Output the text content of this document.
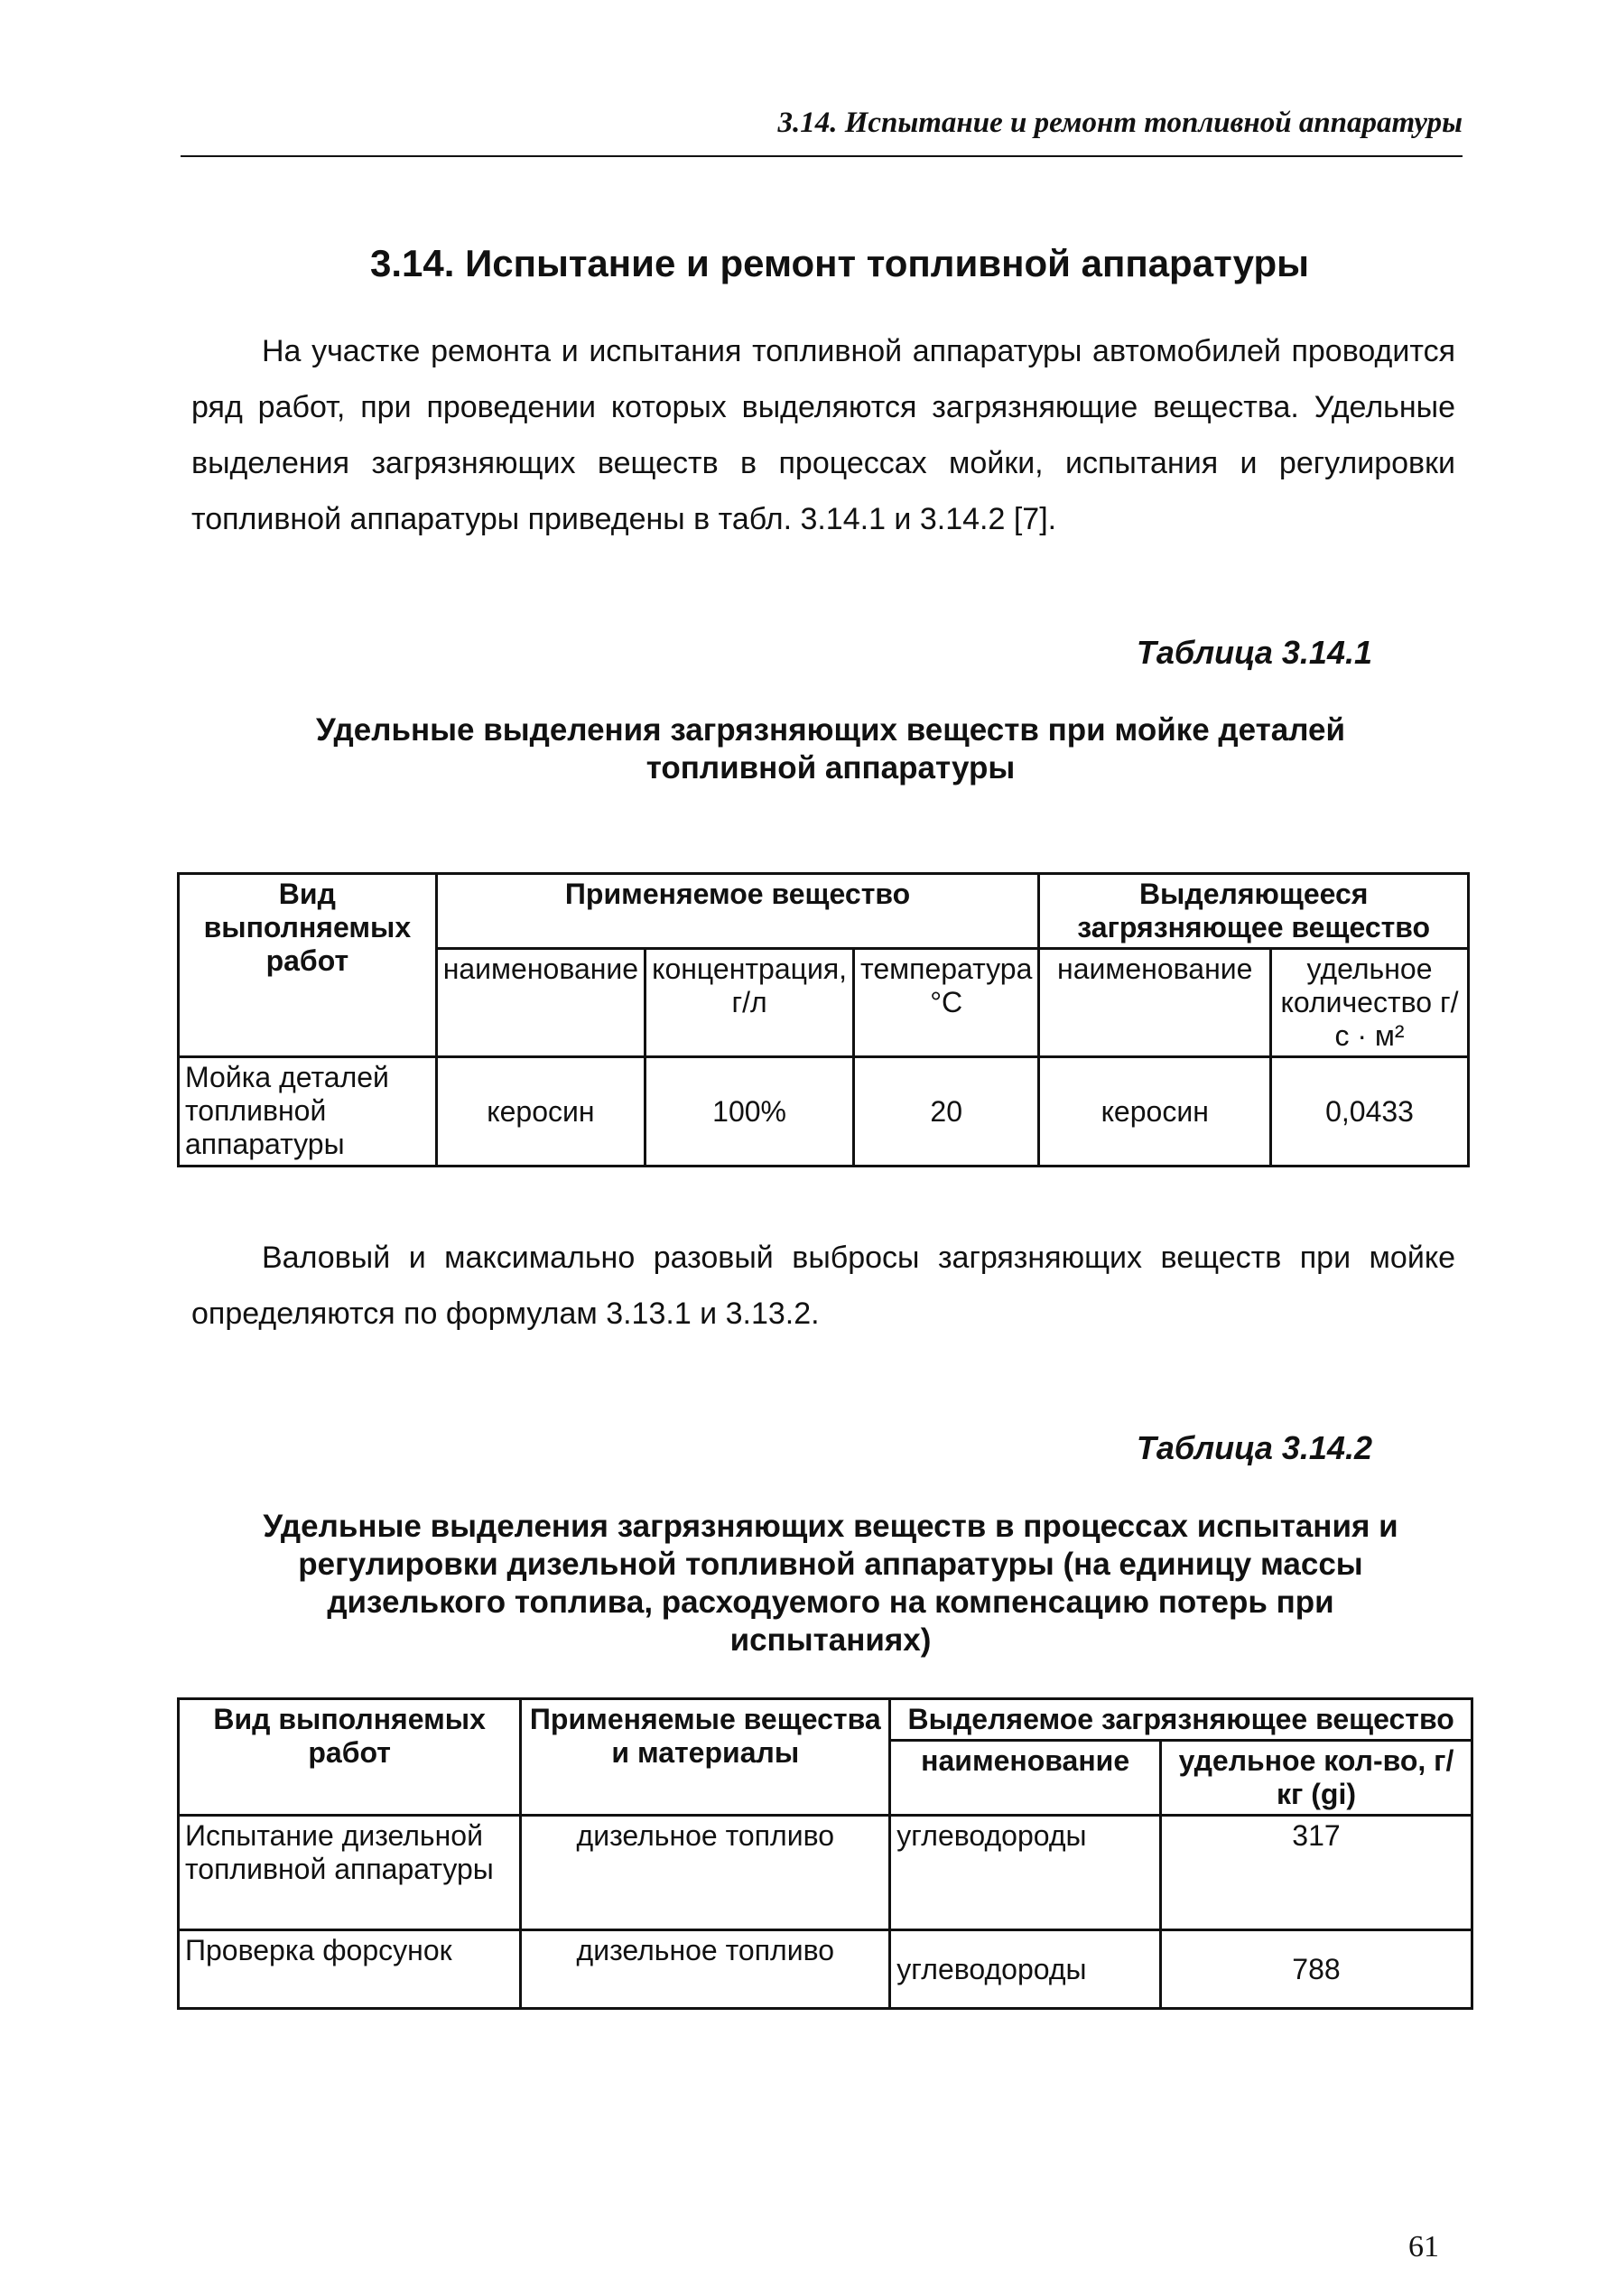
3.14. Испытание и ремонт топливной аппаратуры
3.14. Испытание и ремонт топливной аппаратуры
На участке ремонта и испытания топливной аппаратуры автомобилей проводится ряд работ, при проведении которых выделяются загрязняющие вещества. Удельные выделения загрязняющих веществ в процессах мойки, испытания и регулировки топливной аппаратуры приведены в табл. 3.14.1 и 3.14.2 [7].
Таблица 3.14.1
Удельные выделения загрязняющих веществ при мойке деталей топливной аппаратуры
Вид выполняемых работ	Применяемое вещество			Выделяющееся загрязняющее вещество	
	наименование	концентрация, г/л	температура °С	наименование	удельное количество г/с · м²
Мойка деталей топливной аппаратуры	керосин	100%	20	керосин	0,0433
Валовый и максимально разовый выбросы загрязняющих веществ при мойке определяются по формулам 3.13.1 и 3.13.2.
Таблица 3.14.2
Удельные выделения загрязняющих веществ в процессах испытания и регулировки дизельной топливной аппаратуры (на единицу массы дизелького топлива, расходуемого на компенсацию потерь при испытаниях)
Вид выполняемых работ	Применяемые вещества и материалы	Выделяемое загрязняющее вещество	
		наименование	удельное кол-во, г/кг (gi)
Испытание дизельной топливной аппаратуры	дизельное топливо	углеводороды	317
Проверка форсунок	дизельное топливо	углеводороды	788
61
